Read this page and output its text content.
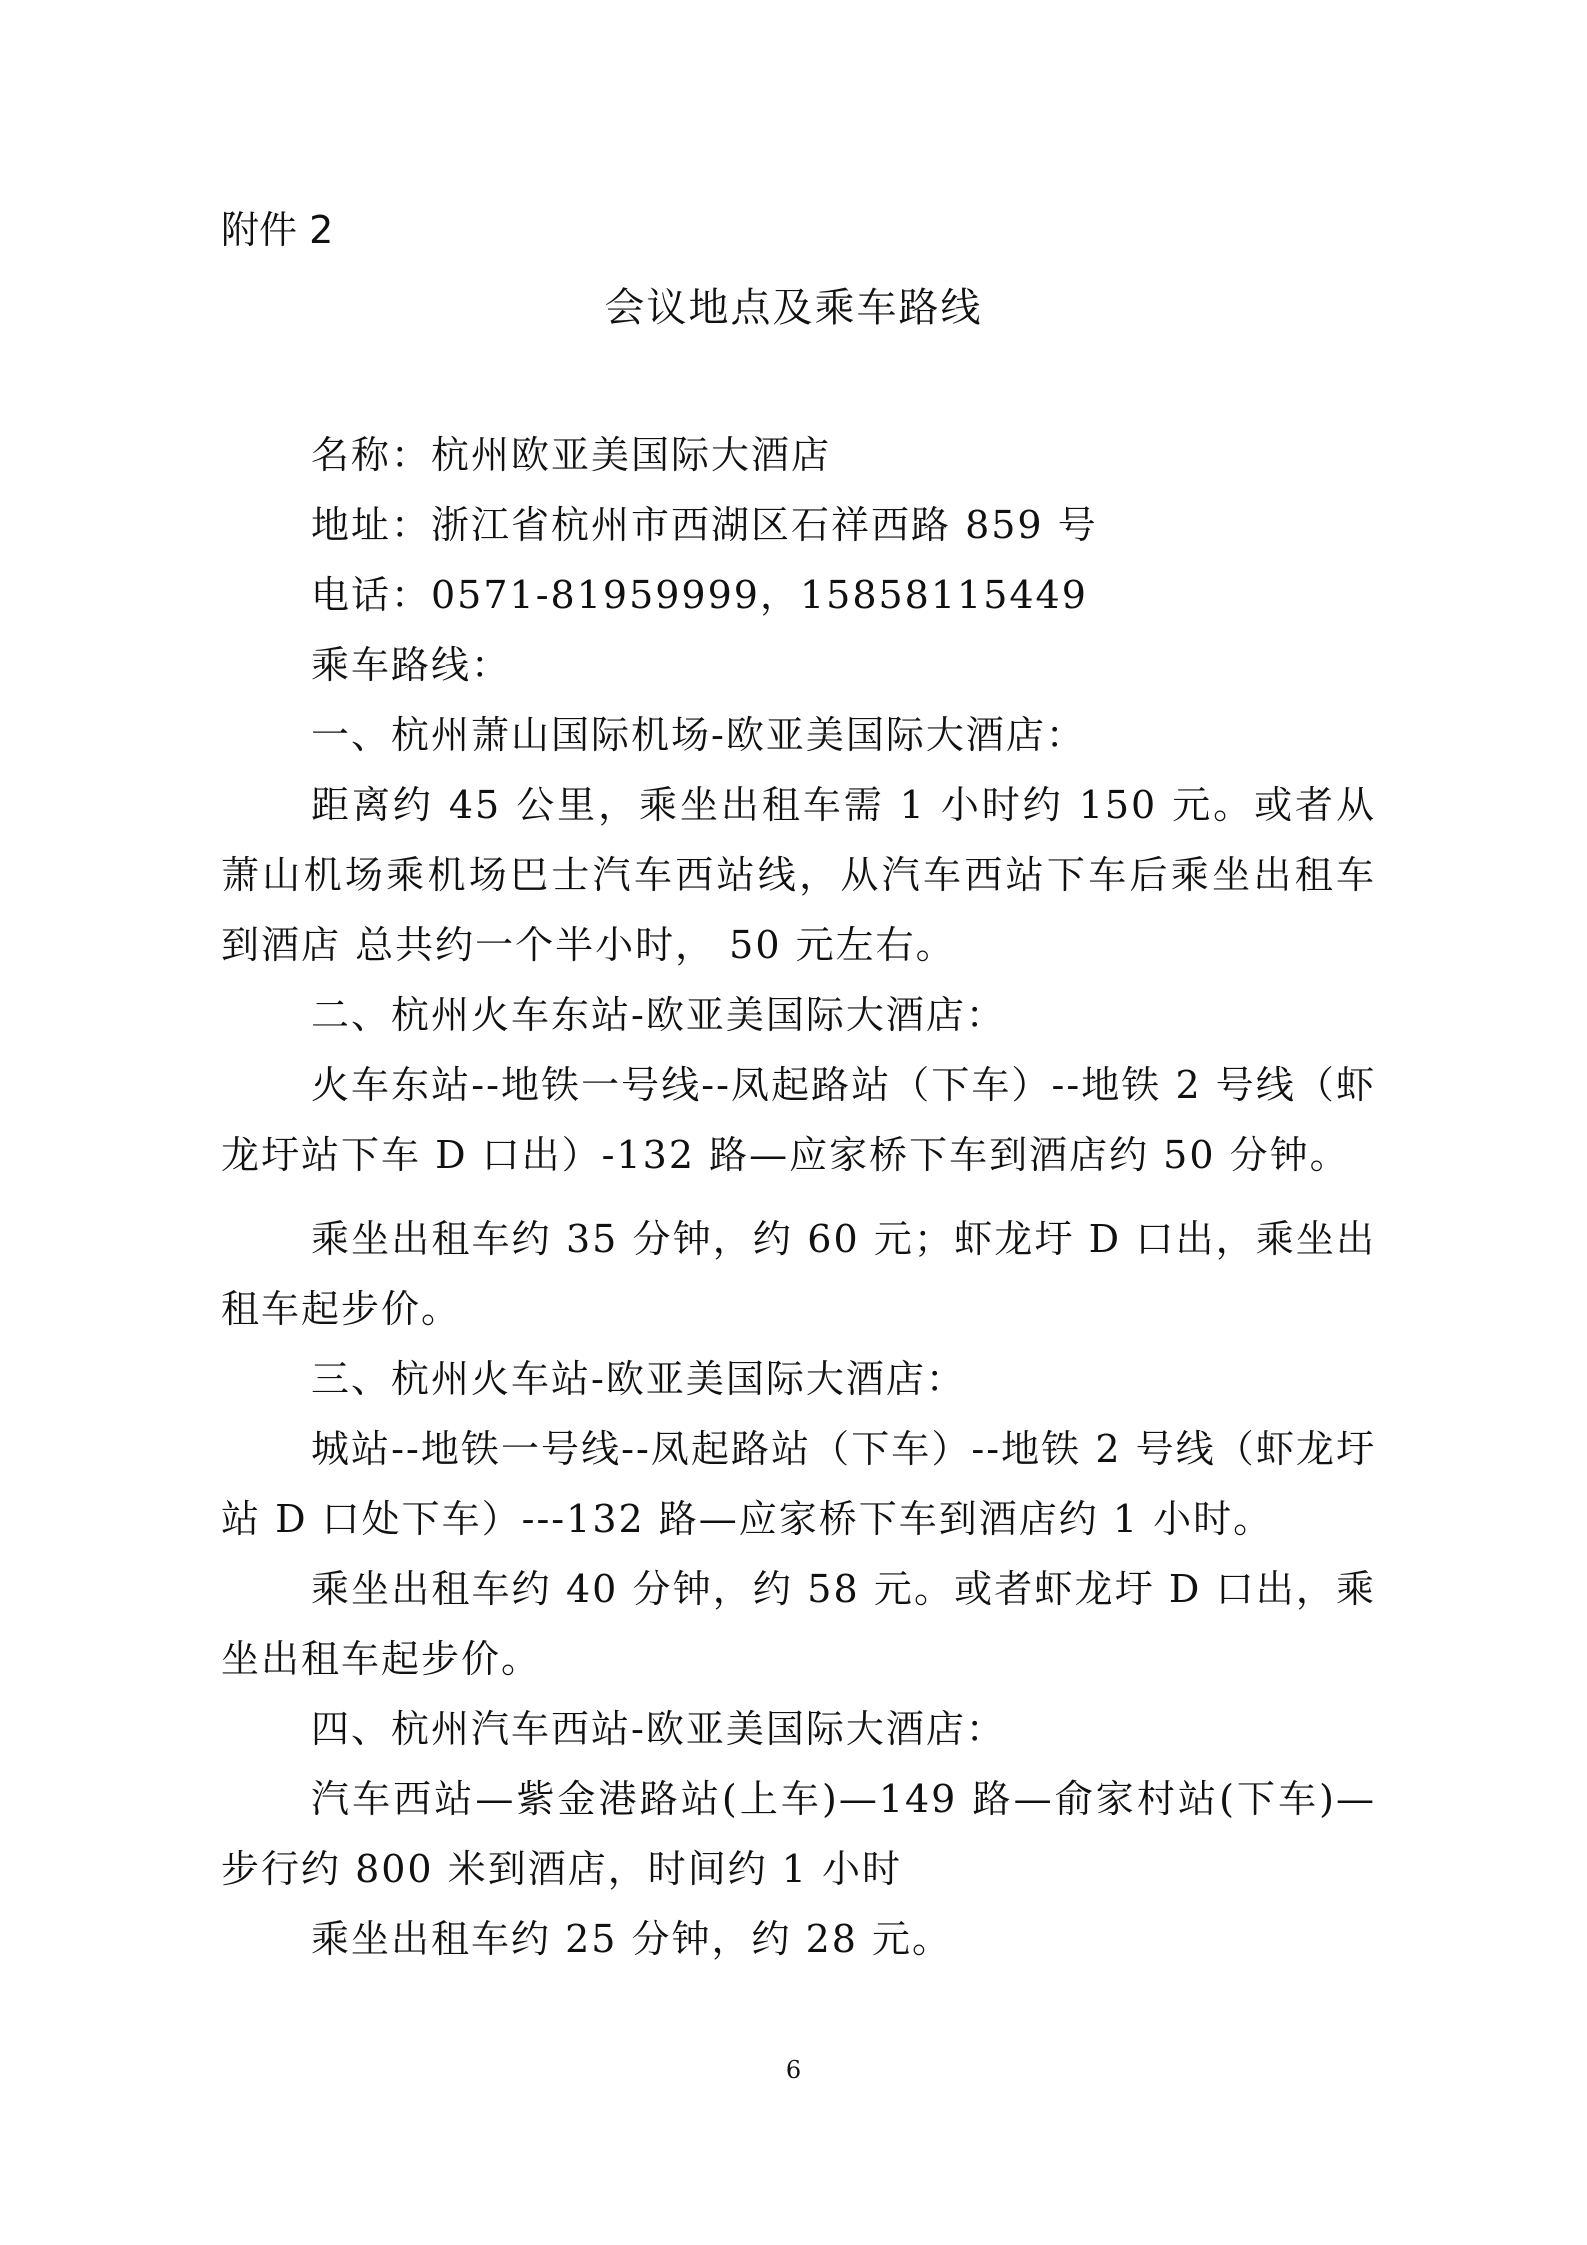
附件 2
会议地点及乘车路线
名称：杭州欧亚美国际大酒店
地址：浙江省杭州市西湖区石祥西路 859 号
电话：0571-81959999，15858115449
乘车路线：
一、杭州萧山国际机场-欧亚美国际大酒店：
距离约 45 公里，乘坐出租车需 1 小时约 150 元。或者从萧山机场乘机场巴士汽车西站线，从汽车西站下车后乘坐出租车到酒店 总共约一个半小时， 50 元左右。
二、杭州火车东站-欧亚美国际大酒店：
火车东站--地铁一号线--凤起路站（下车）--地铁 2 号线（虾龙圩站下车 D 口出）-132 路—应家桥下车到酒店约 50 分钟。
乘坐出租车约 35 分钟，约 60 元；虾龙圩 D 口出，乘坐出租车起步价。
三、杭州火车站-欧亚美国际大酒店：
城站--地铁一号线--凤起路站（下车）--地铁 2 号线（虾龙圩站 D 口处下车）---132 路—应家桥下车到酒店约 1 小时。
乘坐出租车约 40 分钟，约 58 元。或者虾龙圩 D 口出，乘坐出租车起步价。
四、杭州汽车西站-欧亚美国际大酒店：
汽车西站—紫金港路站(上车)—149 路—俞家村站(下车)—步行约 800 米到酒店，时间约 1 小时
乘坐出租车约 25 分钟，约 28 元。
6
